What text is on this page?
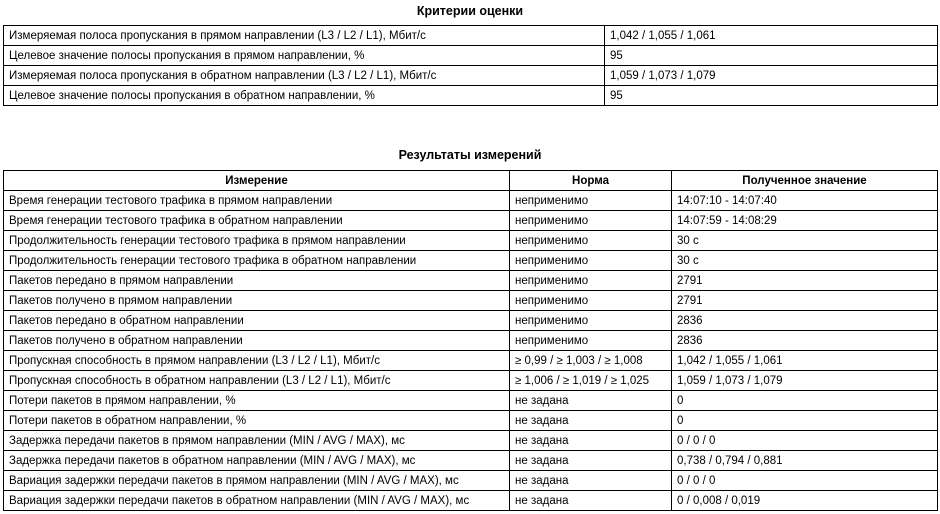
Критерии оценки
Измеряемая полоса пропускания в прямом направлении (L3 / L2 / L1), Мбит/с	1,042 / 1,055 / 1,061
Целевое значение полосы пропускания в прямом направлении, %	95
Измеряемая полоса пропускания в обратном направлении (L3 / L2 / L1), Мбит/с	1,059 / 1,073 / 1,079
Целевое значение полосы пропускания в обратном направлении, %	95
Результаты измерений
Измерение	Норма	Полученное значение
Время генерации тестового трафика в прямом направлении	неприменимо	14:07:10 - 14:07:40
Время генерации тестового трафика в обратном направлении	неприменимо	14:07:59 - 14:08:29
Продолжительность генерации тестового трафика в прямом направлении	неприменимо	30 с
Продолжительность генерации тестового трафика в обратном направлении	неприменимо	30 с
Пакетов передано в прямом направлении	неприменимо	2791
Пакетов получено в прямом направлении	неприменимо	2791
Пакетов передано в обратном направлении	неприменимо	2836
Пакетов получено в обратном направлении	неприменимо	2836
Пропускная способность в прямом направлении (L3 / L2 / L1), Мбит/с	≥ 0,99 / ≥ 1,003 / ≥ 1,008	1,042 / 1,055 / 1,061
Пропускная способность в обратном направлении (L3 / L2 / L1), Мбит/с	≥ 1,006 / ≥ 1,019 / ≥ 1,025	1,059 / 1,073 / 1,079
Потери пакетов в прямом направлении, %	не задана	0
Потери пакетов в обратном направлении, %	не задана	0
Задержка передачи пакетов в прямом направлении (MIN / AVG / MAX), мс	не задана	0 / 0 / 0
Задержка передачи пакетов в обратном направлении (MIN / AVG / MAX), мс	не задана	0,738 / 0,794 / 0,881
Вариация задержки передачи пакетов в прямом направлении (MIN / AVG / MAX), мс	не задана	0 / 0 / 0
Вариация задержки передачи пакетов в обратном направлении (MIN / AVG / MAX), мс	не задана	0 / 0,008 / 0,019
